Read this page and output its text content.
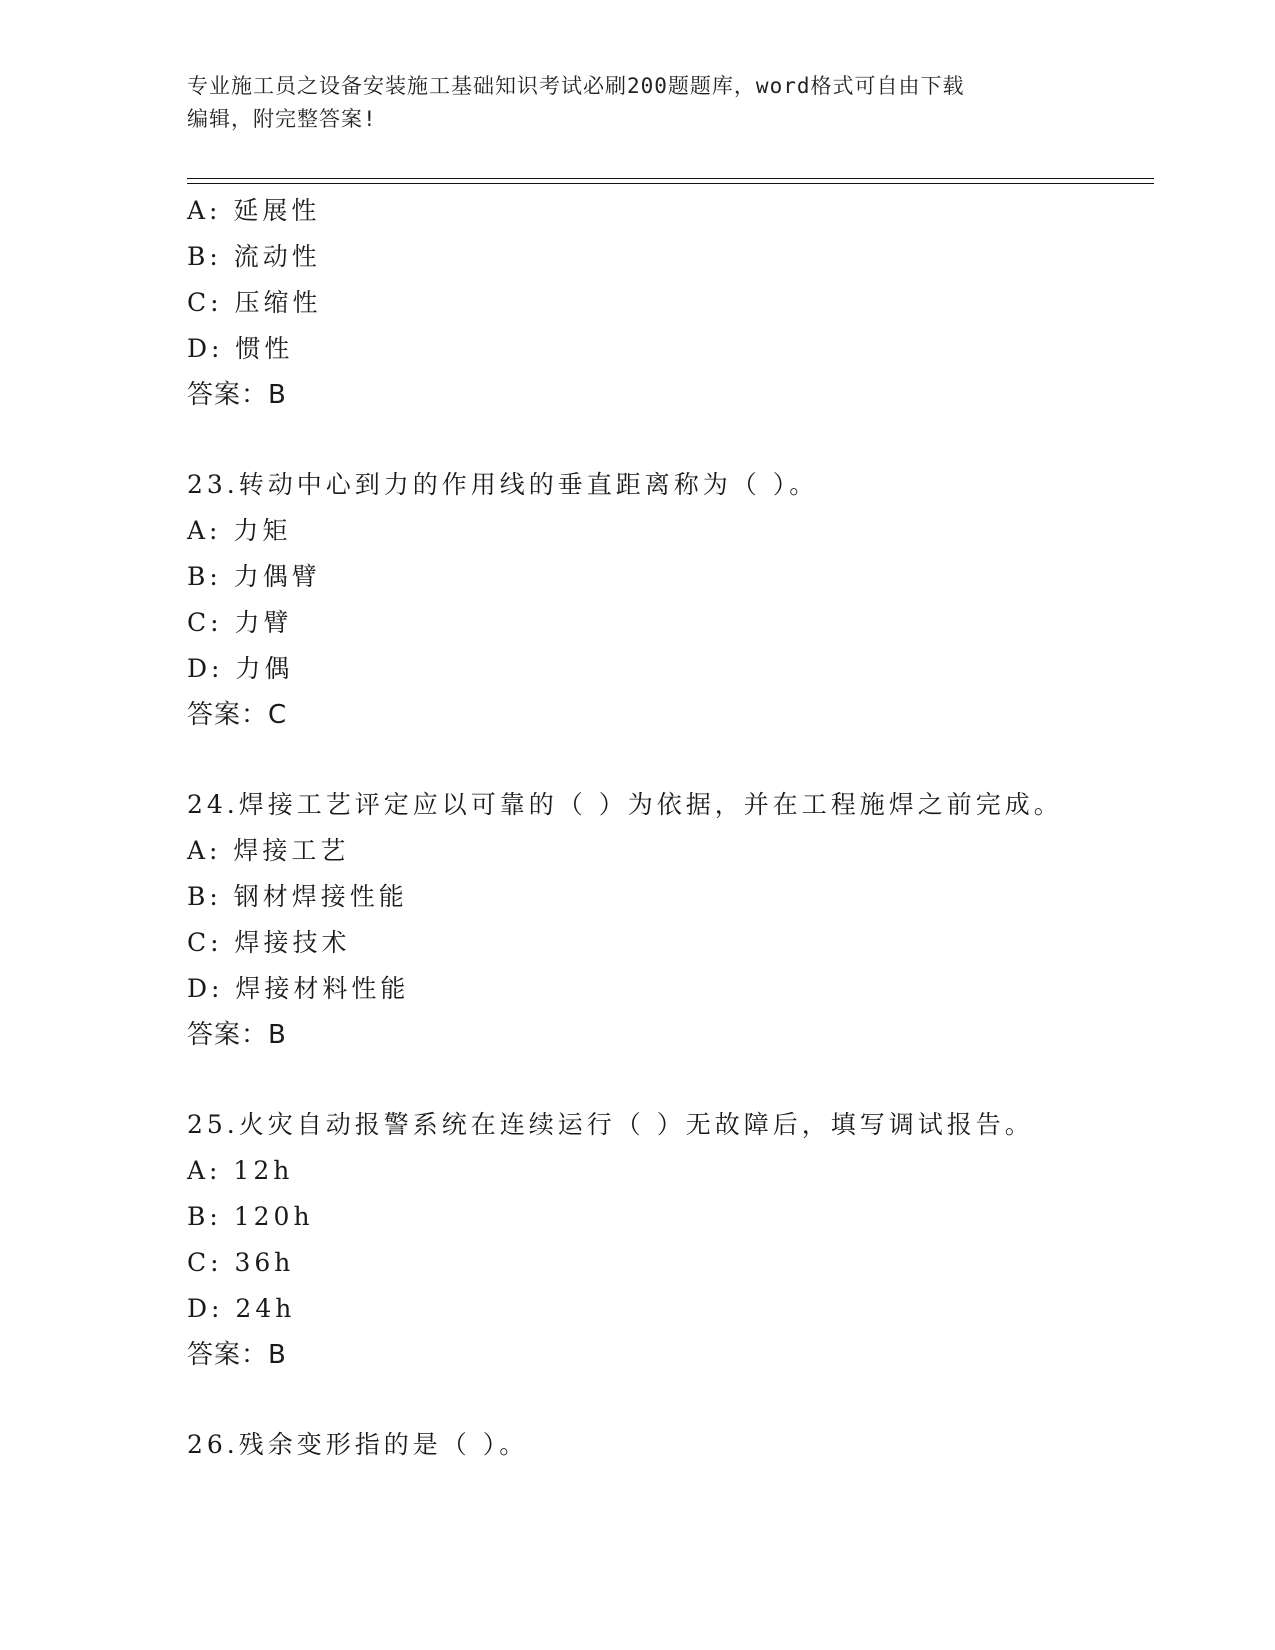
专业施工员之设备安装施工基础知识考试必刷200题题库，word格式可自由下载
编辑，附完整答案!
A: 延展性
B: 流动性
C: 压缩性
D: 惯性
答案：B
23.转动中心到力的作用线的垂直距离称为（ ）。
A: 力矩
B: 力偶臂
C: 力臂
D: 力偶
答案：C
24.焊接工艺评定应以可靠的（ ）为依据，并在工程施焊之前完成。
A: 焊接工艺
B: 钢材焊接性能
C: 焊接技术
D: 焊接材料性能
答案：B
25.火灾自动报警系统在连续运行（ ）无故障后，填写调试报告。
A: 12h
B: 120h
C: 36h
D: 24h
答案：B
26.残余变形指的是（ ）。
